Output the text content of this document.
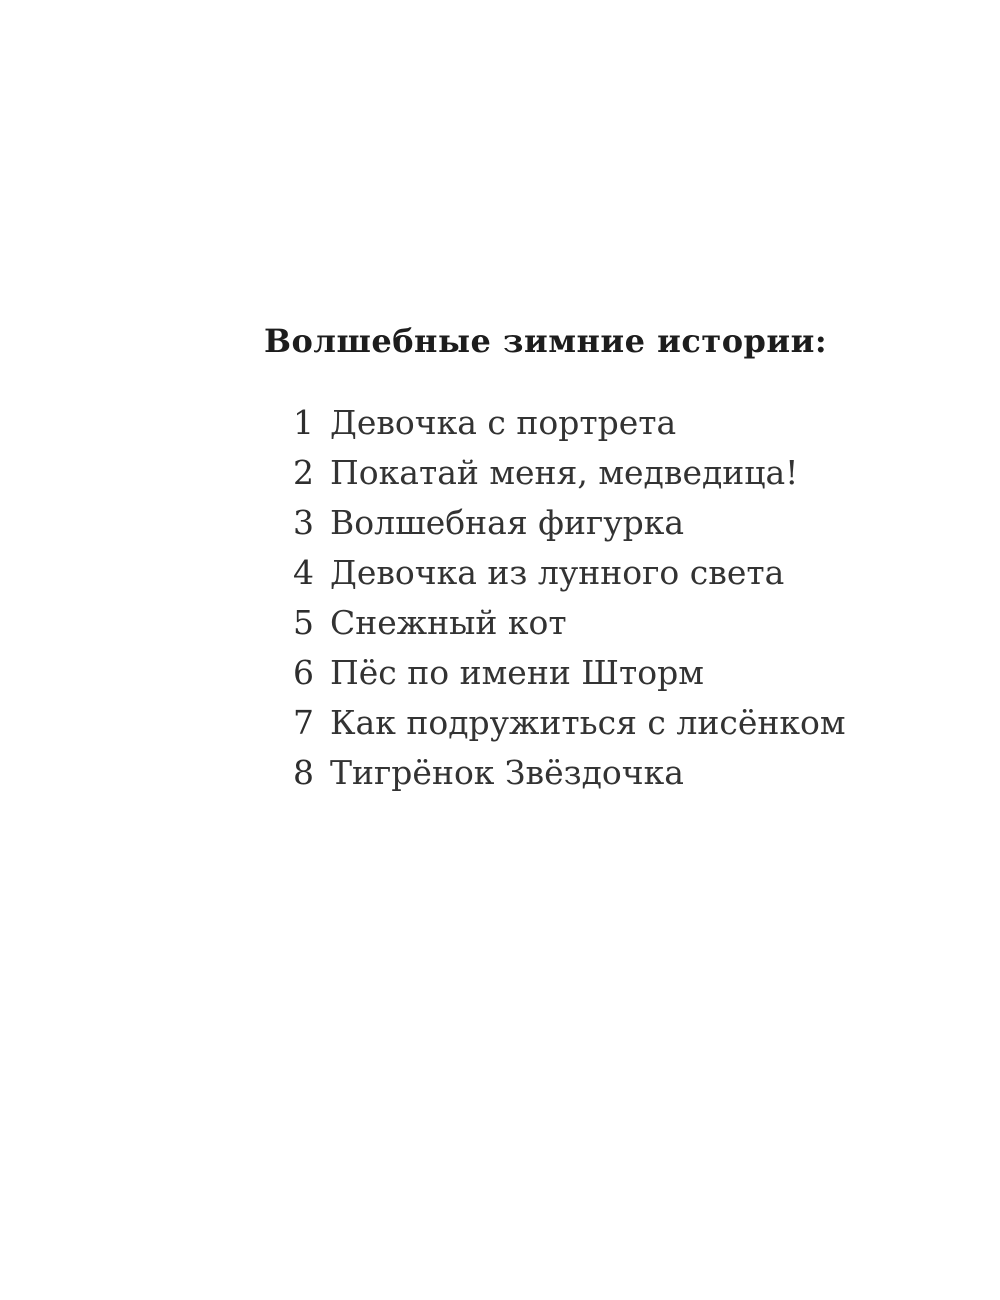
Волшебные зимние истории:
1 Девочка с портрета
2 Покатай меня, медведица!
3 Волшебная фигурка
4 Девочка из лунного света
5 Снежный кот
6 Пёс по имени Шторм
7 Как подружиться с лисёнком
8 Тигрёнок Звёздочка
